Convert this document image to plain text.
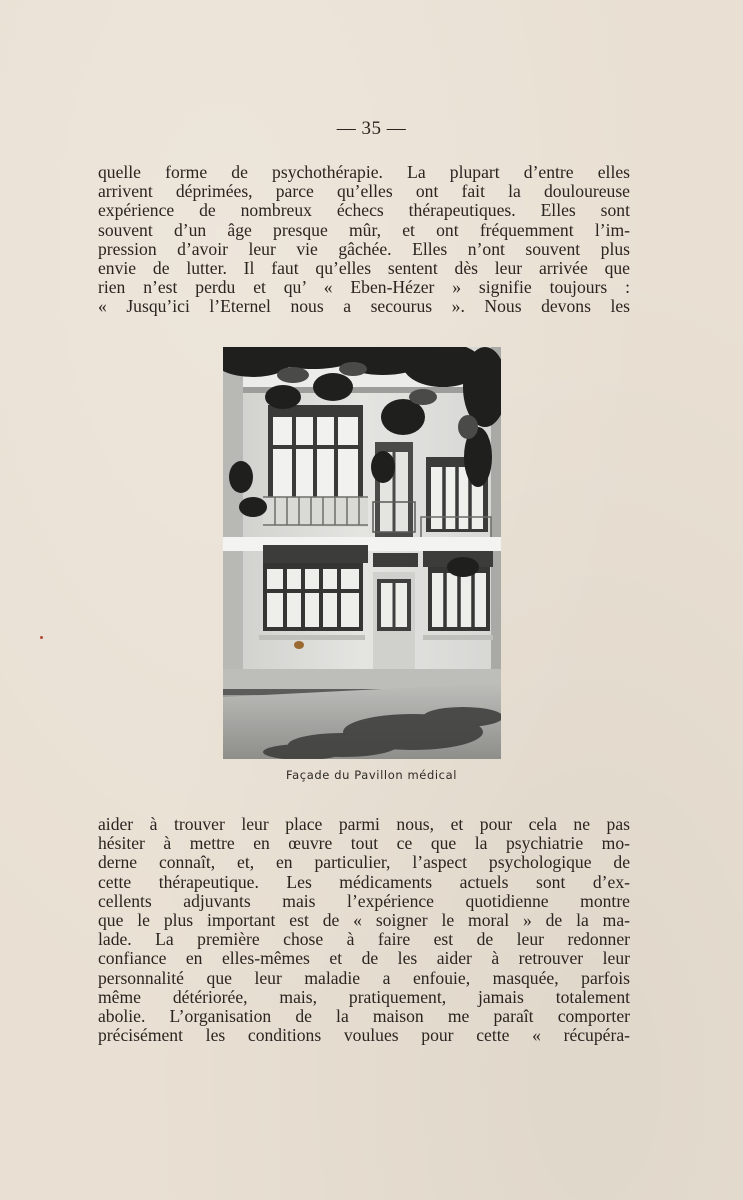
— 35 —
quelle forme de psychothérapie. La plupart d’entre elles
arrivent déprimées, parce qu’elles ont fait la douloureuse
expérience de nombreux échecs thérapeutiques. Elles sont
souvent d’un âge presque mûr, et ont fréquemment l’im-
pression d’avoir leur vie gâchée. Elles n’ont souvent plus
envie de lutter. Il faut qu’elles sentent dès leur arrivée que
rien n’est perdu et qu’ « Eben-Hézer » signifie toujours :
« Jusqu’ici l’Eternel nous a secourus ». Nous devons les
Façade du Pavillon médical
aider à trouver leur place parmi nous, et pour cela ne pas
hésiter à mettre en œuvre tout ce que la psychiatrie mo-
derne connaît, et, en particulier, l’aspect psychologique de
cette thérapeutique. Les médicaments actuels sont d’ex-
cellents adjuvants mais l’expérience quotidienne montre
que le plus important est de « soigner le moral » de la ma-
lade. La première chose à faire est de leur redonner
confiance en elles-mêmes et de les aider à retrouver leur
personnalité que leur maladie a enfouie, masquée, parfois
même détériorée, mais, pratiquement, jamais totalement
abolie. L’organisation de la maison me paraît comporter
précisément les conditions voulues pour cette « récupéra-
